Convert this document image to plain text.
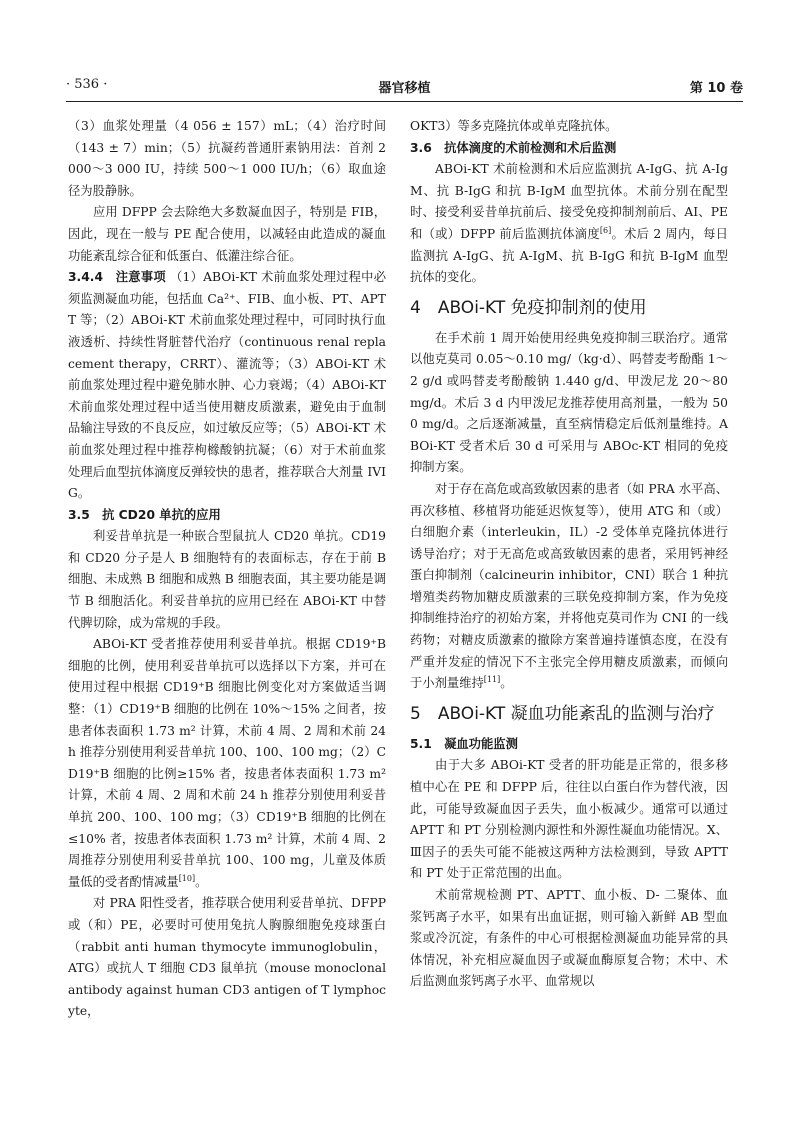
· 536 ·	器官移植	第 10 卷

（3）血浆处理量（4 056 ± 157）mL；（4）治疗时间（143 ± 7）min；（5）抗凝药普通肝素钠用法：首剂 2 000～3 000 IU，持续 500～1 000 IU/h；（6）取血途径为股静脉。

应用 DFPP 会去除绝大多数凝血因子，特别是 FIB，因此，现在一般与 PE 配合使用，以减轻由此造成的凝血功能紊乱综合征和低蛋白、低灌注综合征。

3.4.4　注意事项 （1）ABOi-KT 术前血浆处理过程中必须监测凝血功能，包括血 Ca²⁺、FIB、血小板、PT、APTT 等；（2）ABOi-KT 术前血浆处理过程中，可同时执行血液透析、持续性肾脏替代治疗（continuous renal replacement therapy，CRRT）、灌流等；（3）ABOi-KT 术前血浆处理过程中避免肺水肿、心力衰竭；（4）ABOi-KT 术前血浆处理过程中适当使用糖皮质激素，避免由于血制品输注导致的不良反应，如过敏反应等；（5）ABOi-KT 术前血浆处理过程中推荐枸橼酸钠抗凝；（6）对于术前血浆处理后血型抗体滴度反弹较快的患者，推荐联合大剂量 IVIG。

3.5　抗 CD20 单抗的应用

利妥昔单抗是一种嵌合型鼠抗人 CD20 单抗。CD19 和 CD20 分子是人 B 细胞特有的表面标志，存在于前 B 细胞、未成熟 B 细胞和成熟 B 细胞表面，其主要功能是调节 B 细胞活化。利妥昔单抗的应用已经在 ABOi-KT 中替代脾切除，成为常规的手段。

ABOi-KT 受者推荐使用利妥昔单抗。根据 CD19⁺B 细胞的比例，使用利妥昔单抗可以选择以下方案，并可在使用过程中根据 CD19⁺B 细胞比例变化对方案做适当调整：（1）CD19⁺B 细胞的比例在 10%～15% 之间者，按患者体表面积 1.73 m² 计算，术前 4 周、2 周和术前 24 h 推荐分别使用利妥昔单抗 100、100、100 mg；（2）CD19⁺B 细胞的比例≥15% 者，按患者体表面积 1.73 m² 计算，术前 4 周、2 周和术前 24 h 推荐分别使用利妥昔单抗 200、100、100 mg；（3）CD19⁺B 细胞的比例在≤10% 者，按患者体表面积 1.73 m² 计算，术前 4 周、2 周推荐分别使用利妥昔单抗 100、100 mg，儿童及体质量低的受者酌情减量[10]。

对 PRA 阳性受者，推荐联合使用利妥昔单抗、DFPP 或（和）PE，必要时可使用兔抗人胸腺细胞免疫球蛋白（rabbit anti human thymocyte immunoglobulin，ATG）或抗人 T 细胞 CD3 鼠单抗（mouse monoclonal antibody against human CD3 antigen of T lymphocyte，

OKT3）等多克隆抗体或单克隆抗体。

3.6　抗体滴度的术前检测和术后监测

ABOi-KT 术前检测和术后应监测抗 A-IgG、抗 A-IgM、抗 B-IgG 和抗 B-IgM 血型抗体。术前分别在配型时、接受利妥昔单抗前后、接受免疫抑制剂前后、AI、PE 和（或）DFPP 前后监测抗体滴度[6]。术后 2 周内，每日监测抗 A-IgG、抗 A-IgM、抗 B-IgG 和抗 B-IgM 血型抗体的变化。

4　ABOi-KT 免疫抑制剂的使用

在手术前 1 周开始使用经典免疫抑制三联治疗。通常以他克莫司 0.05～0.10 mg/（kg·d）、吗替麦考酚酯 1～2 g/d 或吗替麦考酚酸钠 1.440 g/d、甲泼尼龙 20～80 mg/d。术后 3 d 内甲泼尼龙推荐使用高剂量，一般为 500 mg/d。之后逐渐减量，直至病情稳定后低剂量维持。ABOi-KT 受者术后 30 d 可采用与 ABOc-KT 相同的免疫抑制方案。

对于存在高危或高致敏因素的患者（如 PRA 水平高、再次移植、移植肾功能延迟恢复等），使用 ATG 和（或）白细胞介素（interleukin，IL）-2 受体单克隆抗体进行诱导治疗；对于无高危或高致敏因素的患者，采用钙神经蛋白抑制剂（calcineurin inhibitor，CNI）联合 1 种抗增殖类药物加糖皮质激素的三联免疫抑制方案，作为免疫抑制维持治疗的初始方案，并将他克莫司作为 CNI 的一线药物；对糖皮质激素的撤除方案普遍持谨慎态度，在没有严重并发症的情况下不主张完全停用糖皮质激素，而倾向于小剂量维持[11]。

5　ABOi-KT 凝血功能紊乱的监测与治疗

5.1　凝血功能监测

由于大多 ABOi-KT 受者的肝功能是正常的，很多移植中心在 PE 和 DFPP 后，往往以白蛋白作为替代液，因此，可能导致凝血因子丢失，血小板减少。通常可以通过 APTT 和 PT 分别检测内源性和外源性凝血功能情况。Ⅹ、Ⅲ因子的丢失可能不能被这两种方法检测到，导致 APTT 和 PT 处于正常范围的出血。

术前常规检测 PT、APTT、血小板、D- 二聚体、血浆钙离子水平，如果有出血证据，则可输入新鲜 AB 型血浆或冷沉淀，有条件的中心可根据检测凝血功能异常的具体情况，补充相应凝血因子或凝血酶原复合物；术中、术后监测血浆钙离子水平、血常规以
